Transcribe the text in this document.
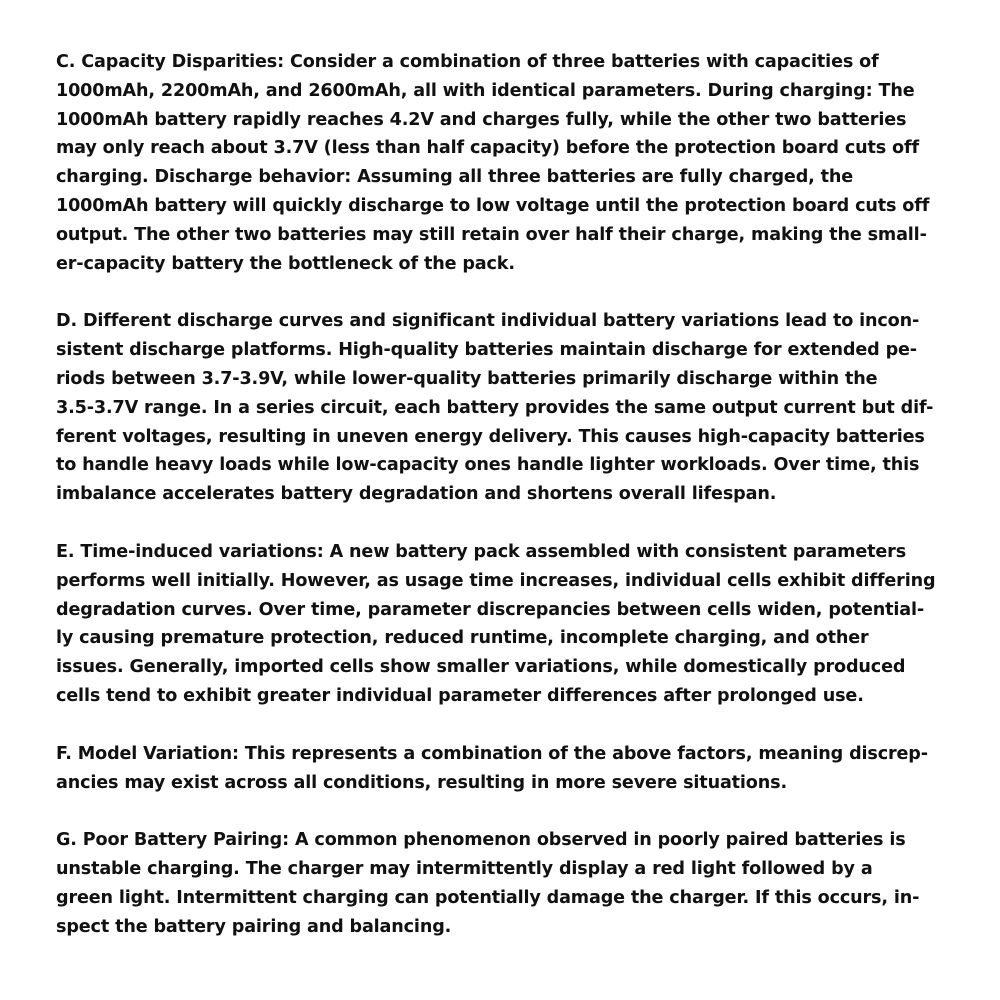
C. Capacity Disparities: Consider a combination of three batteries with capacities of
1000mAh, 2200mAh, and 2600mAh, all with identical parameters. During charging: The
1000mAh battery rapidly reaches 4.2V and charges fully, while the other two batteries
may only reach about 3.7V (less than half capacity) before the protection board cuts off
charging. Discharge behavior: Assuming all three batteries are fully charged, the
1000mAh battery will quickly discharge to low voltage until the protection board cuts off
output. The other two batteries may still retain over half their charge, making the small-
er-capacity battery the bottleneck of the pack.

D. Different discharge curves and significant individual battery variations lead to incon-
sistent discharge platforms. High-quality batteries maintain discharge for extended pe-
riods between 3.7-3.9V, while lower-quality batteries primarily discharge within the
3.5-3.7V range. In a series circuit, each battery provides the same output current but dif-
ferent voltages, resulting in uneven energy delivery. This causes high-capacity batteries
to handle heavy loads while low-capacity ones handle lighter workloads. Over time, this
imbalance accelerates battery degradation and shortens overall lifespan.

E. Time-induced variations: A new battery pack assembled with consistent parameters
performs well initially. However, as usage time increases, individual cells exhibit differing
degradation curves. Over time, parameter discrepancies between cells widen, potential-
ly causing premature protection, reduced runtime, incomplete charging, and other
issues. Generally, imported cells show smaller variations, while domestically produced
cells tend to exhibit greater individual parameter differences after prolonged use.

F. Model Variation: This represents a combination of the above factors, meaning discrep-
ancies may exist across all conditions, resulting in more severe situations.

G. Poor Battery Pairing: A common phenomenon observed in poorly paired batteries is
unstable charging. The charger may intermittently display a red light followed by a
green light. Intermittent charging can potentially damage the charger. If this occurs, in-
spect the battery pairing and balancing.
